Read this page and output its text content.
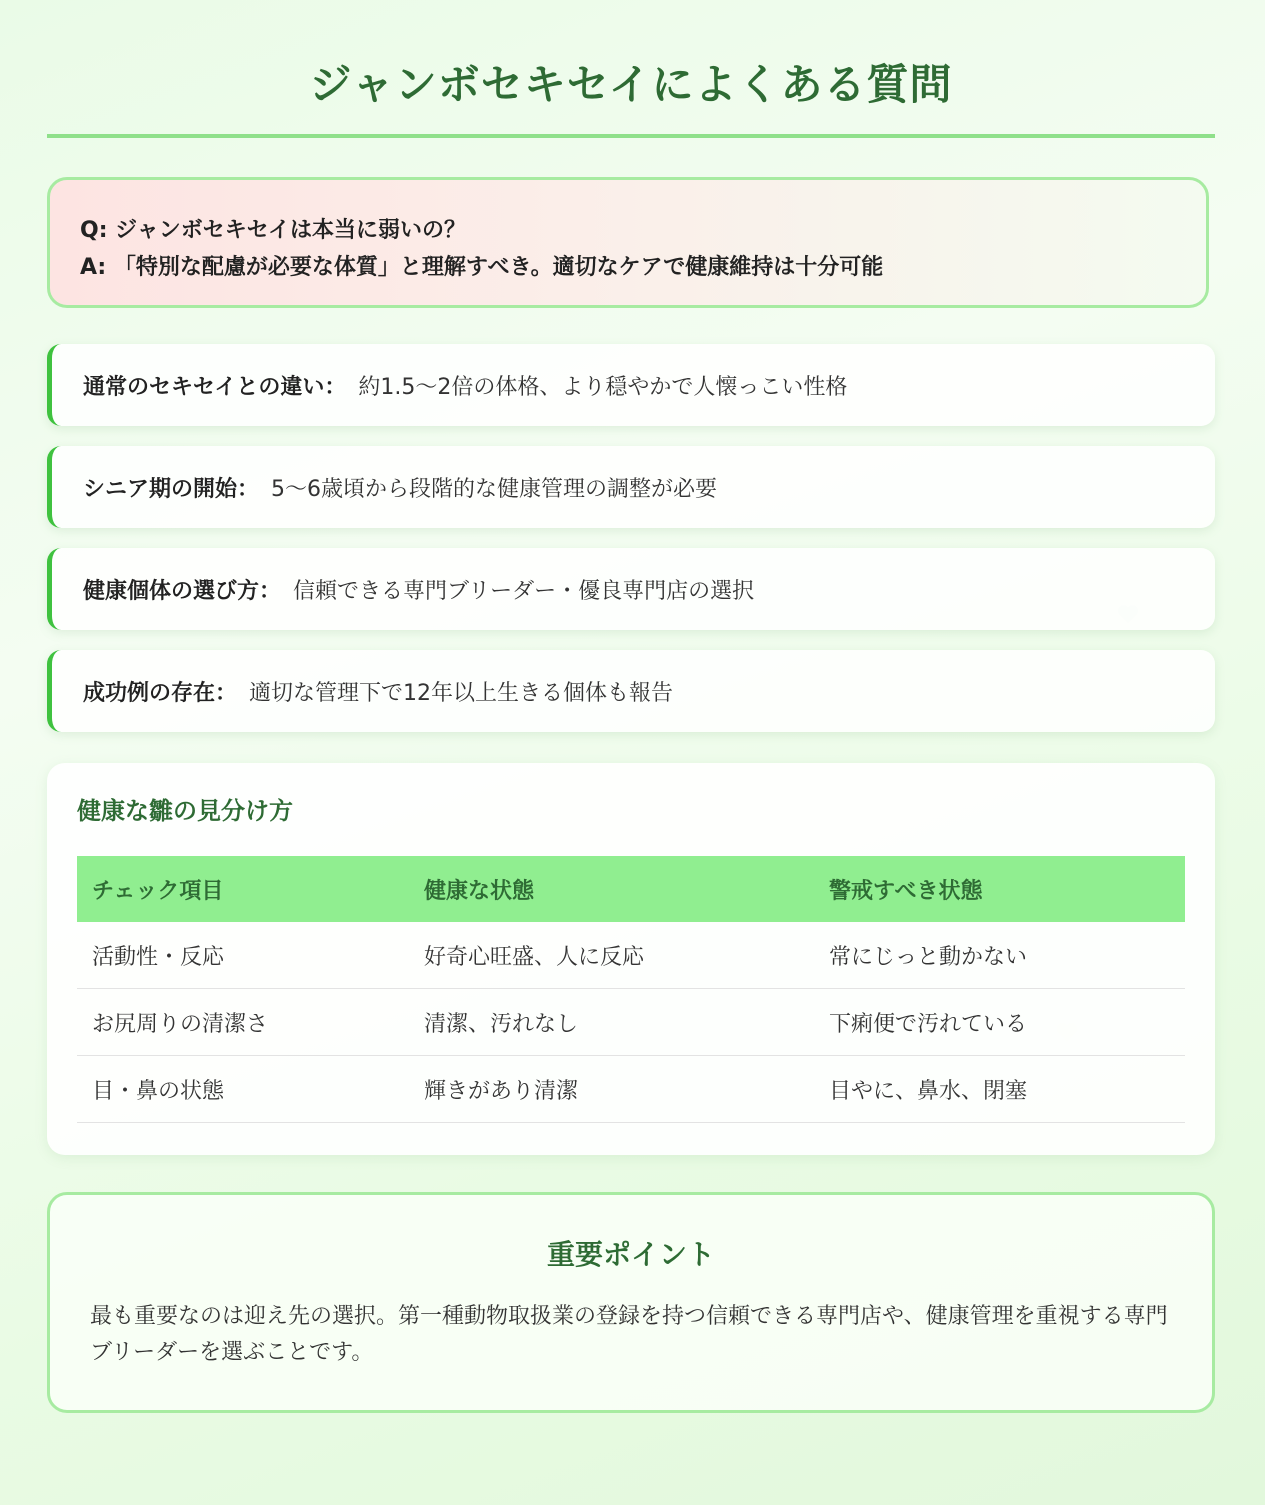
ジャンボセキセイによくある質問
Q: ジャンボセキセイは本当に弱いの？
A: 「特別な配慮が必要な体質」と理解すべき。適切なケアで健康維持は十分可能
通常のセキセイとの違い： 約1.5〜2倍の体格、より穏やかで人懐っこい性格
シニア期の開始： 5〜6歳頃から段階的な健康管理の調整が必要
健康個体の選び方： 信頼できる専門ブリーダー・優良専門店の選択
成功例の存在： 適切な管理下で12年以上生きる個体も報告
健康な雛の見分け方
チェック項目	健康な状態	警戒すべき状態
活動性・反応	好奇心旺盛、人に反応	常にじっと動かない
お尻周りの清潔さ	清潔、汚れなし	下痢便で汚れている
目・鼻の状態	輝きがあり清潔	目やに、鼻水、閉塞
重要ポイント

最も重要なのは迎え先の選択。第一種動物取扱業の登録を持つ信頼できる専門店や、健康管理を重視する専門ブリーダーを選ぶことです。
